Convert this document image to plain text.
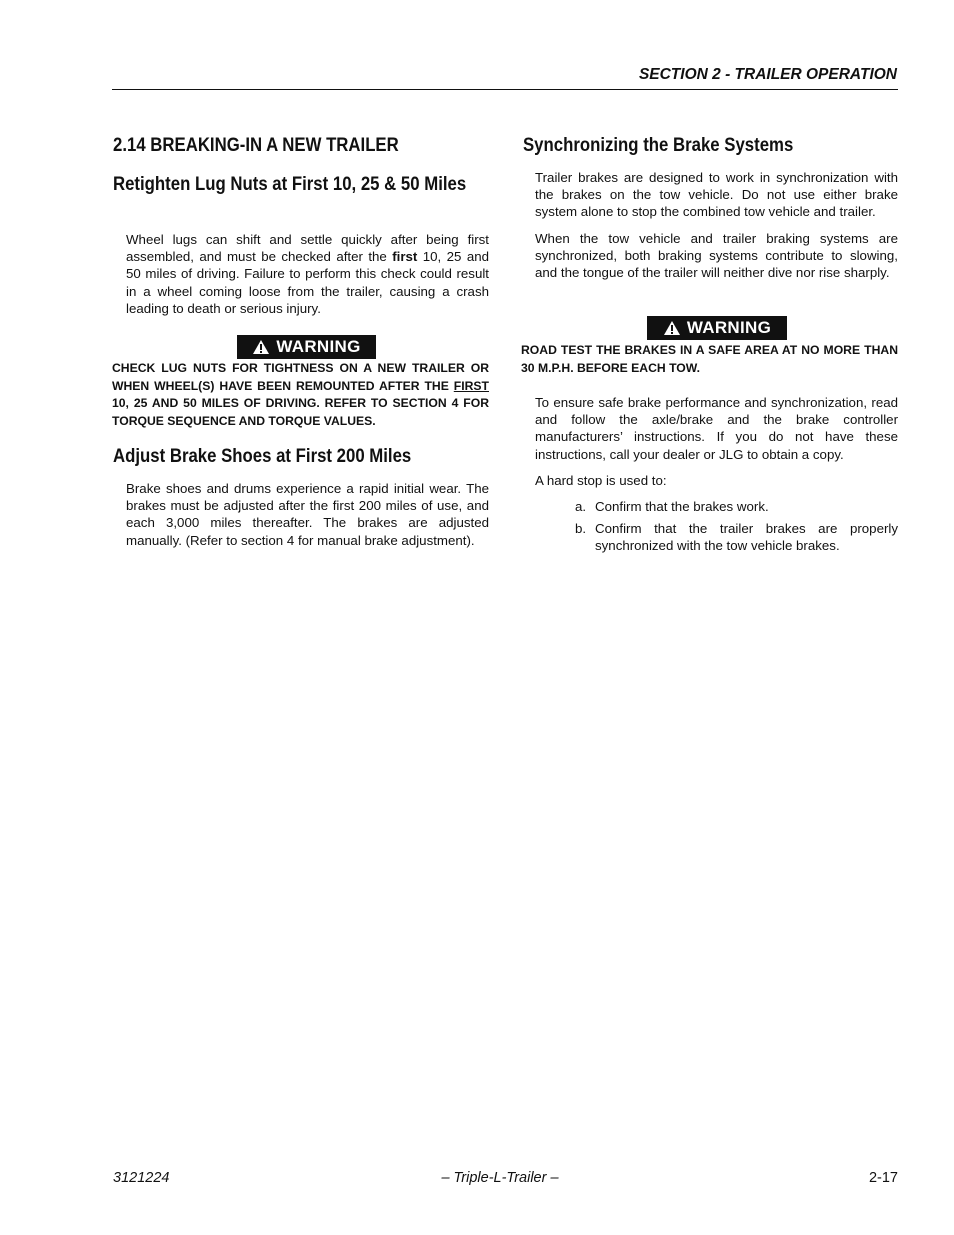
SECTION 2 - TRAILER OPERATION
2.14 BREAKING-IN A NEW TRAILER
Retighten Lug Nuts at First 10, 25 & 50 Miles
Wheel lugs can shift and settle quickly after being first assembled, and must be checked after the first 10, 25 and 50 miles of driving. Failure to perform this check could result in a wheel coming loose from the trailer, causing a crash leading to death or serious injury.
WARNING
CHECK LUG NUTS FOR TIGHTNESS ON A NEW TRAILER OR WHEN WHEEL(S) HAVE BEEN REMOUNTED AFTER THE FIRST 10, 25 AND 50 MILES OF DRIVING. REFER TO SECTION 4 FOR TORQUE SEQUENCE AND TORQUE VALUES.
Adjust Brake Shoes at First 200 Miles
Brake shoes and drums experience a rapid initial wear. The brakes must be adjusted after the first 200 miles of use, and each 3,000 miles thereafter. The brakes are adjusted manually. (Refer to section 4 for manual brake adjustment).
Synchronizing the Brake Systems
Trailer brakes are designed to work in synchronization with the brakes on the tow vehicle. Do not use either brake system alone to stop the combined tow vehicle and trailer.
When the tow vehicle and trailer braking systems are synchronized, both braking systems contribute to slowing, and the tongue of the trailer will neither dive nor rise sharply.
WARNING
ROAD TEST THE BRAKES IN A SAFE AREA AT NO MORE THAN 30 M.P.H. BEFORE EACH TOW.
To ensure safe brake performance and synchronization, read and follow the axle/brake and the brake controller manufacturers’ instructions. If you do not have these instructions, call your dealer or JLG to obtain a copy.
A hard stop is used to:
a. Confirm that the brakes work.
b. Confirm that the trailer brakes are properly synchronized with the tow vehicle brakes.
3121224	– Triple-L-Trailer –	2-17
